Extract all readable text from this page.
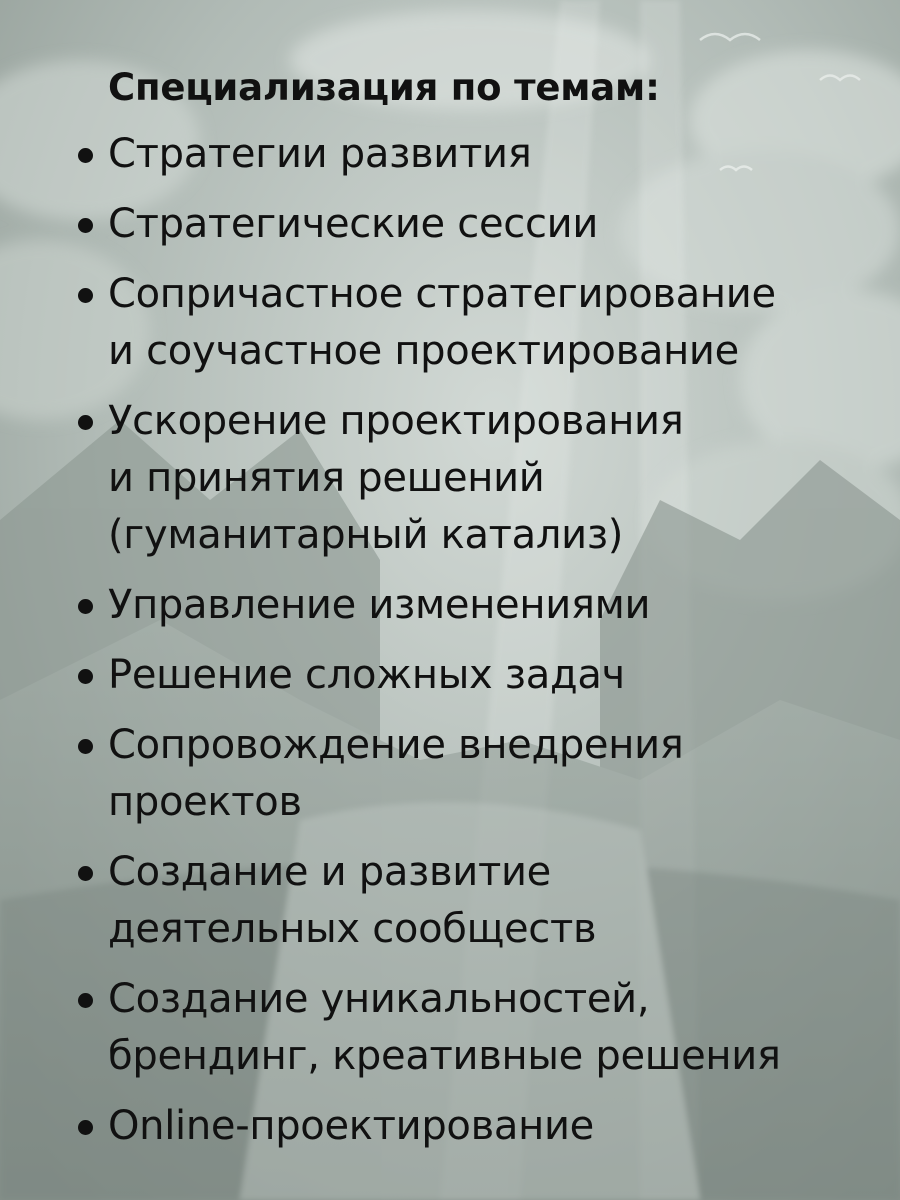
Специализация по темам:
Стратегии развития
Стратегические сессии
Сопричастное стратегирование
и соучастное проектирование
Ускорение проектирования
и принятия решений
(гуманитарный катализ)
Управление изменениями
Решение сложных задач
Сопровождение внедрения
проектов
Создание и развитие
деятельных сообществ
Создание уникальностей,
брендинг, креативные решения
Online-проектирование
